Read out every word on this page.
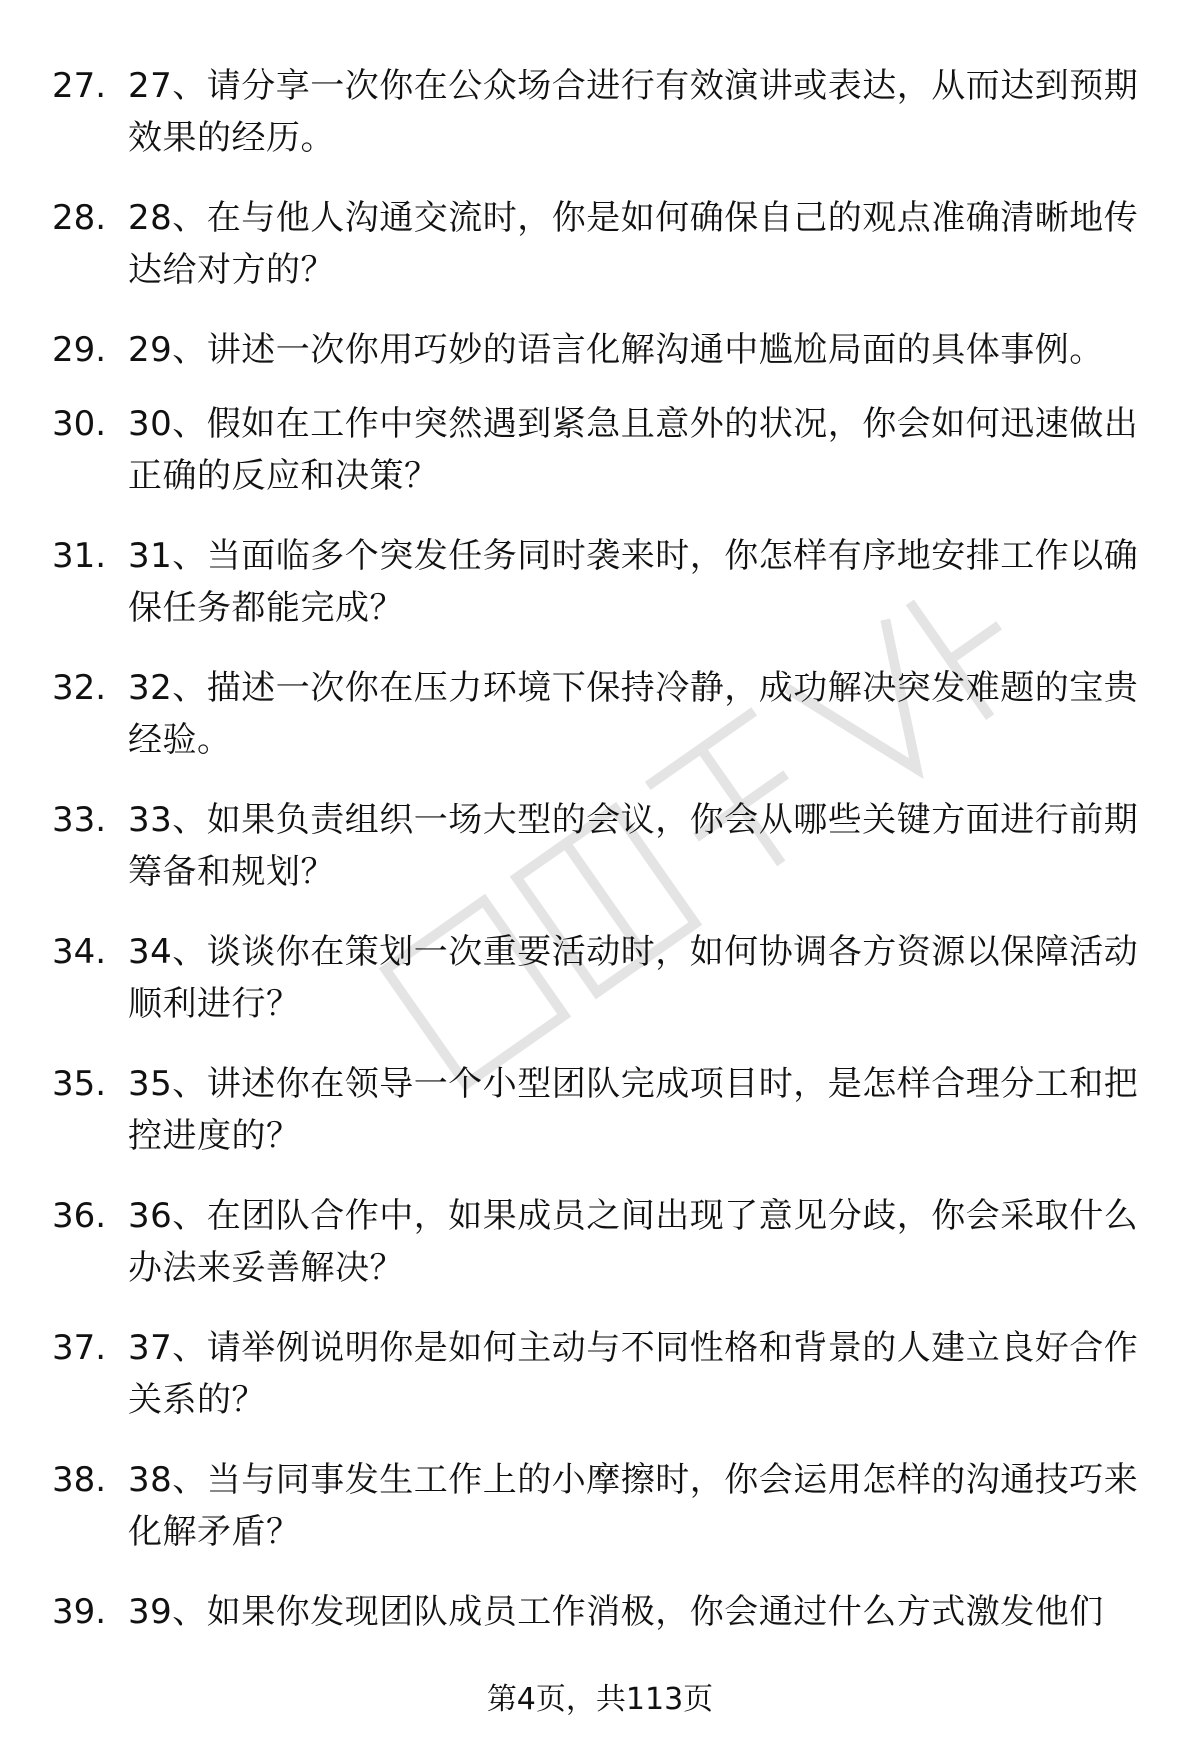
27. 27、请分享一次你在公众场合进行有效演讲或表达，从而达到预期效果的经历。
28. 28、在与他人沟通交流时，你是如何确保自己的观点准确清晰地传达给对方的？
29. 29、讲述一次你用巧妙的语言化解沟通中尴尬局面的具体事例。
30. 30、假如在工作中突然遇到紧急且意外的状况，你会如何迅速做出正确的反应和决策？
31. 31、当面临多个突发任务同时袭来时，你怎样有序地安排工作以确保任务都能完成？
32. 32、描述一次你在压力环境下保持冷静，成功解决突发难题的宝贵经验。
33. 33、如果负责组织一场大型的会议，你会从哪些关键方面进行前期筹备和规划？
34. 34、谈谈你在策划一次重要活动时，如何协调各方资源以保障活动顺利进行？
35. 35、讲述你在领导一个小型团队完成项目时，是怎样合理分工和把控进度的？
36. 36、在团队合作中，如果成员之间出现了意见分歧，你会采取什么办法来妥善解决？
37. 37、请举例说明你是如何主动与不同性格和背景的人建立良好合作关系的？
38. 38、当与同事发生工作上的小摩擦时，你会运用怎样的沟通技巧来化解矛盾？
39. 39、如果你发现团队成员工作消极，你会通过什么方式激发他们
第4页，共113页
